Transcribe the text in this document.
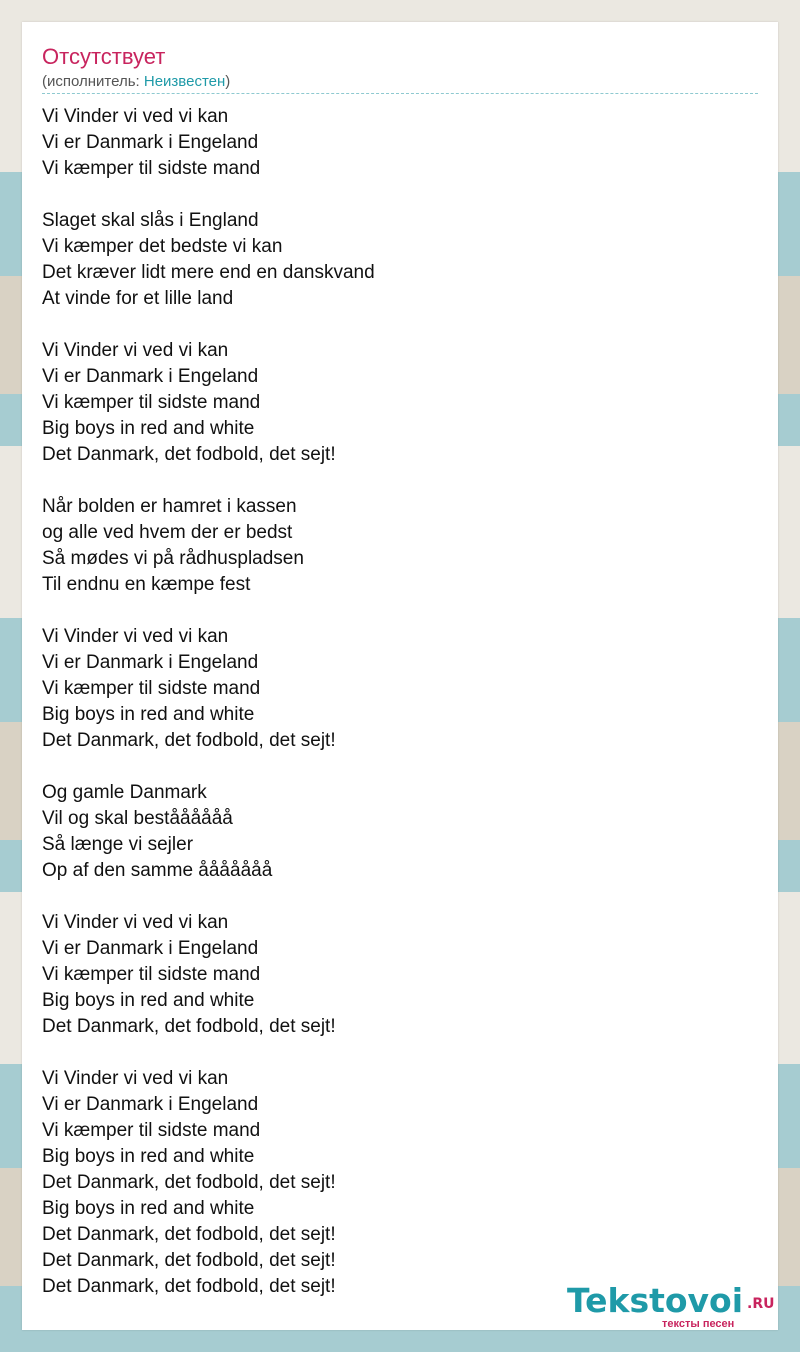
Отсутствует
(исполнитель: Неизвестен)
Vi Vinder vi ved vi kan
Vi er Danmark i Engeland
Vi kæmper til sidste mand
Slaget skal slås i England
Vi kæmper det bedste vi kan
Det kræver lidt mere end en danskvand
At vinde for et lille land
Vi Vinder vi ved vi kan
Vi er Danmark i Engeland
Vi kæmper til sidste mand
Big boys in red and white
Det Danmark, det fodbold, det sejt!
Når bolden er hamret i kassen
og alle ved hvem der er bedst
Så mødes vi på rådhuspladsen
Til endnu en kæmpe fest
Vi Vinder vi ved vi kan
Vi er Danmark i Engeland
Vi kæmper til sidste mand
Big boys in red and white
Det Danmark, det fodbold, det sejt!
Og gamle Danmark
Vil og skal beståååååå
Så længe vi sejler
Op af den samme ååååååå
Vi Vinder vi ved vi kan
Vi er Danmark i Engeland
Vi kæmper til sidste mand
Big boys in red and white
Det Danmark, det fodbold, det sejt!
Vi Vinder vi ved vi kan
Vi er Danmark i Engeland
Vi kæmper til sidste mand
Big boys in red and white
Det Danmark, det fodbold, det sejt!
Big boys in red and white
Det Danmark, det fodbold, det sejt!
Det Danmark, det fodbold, det sejt!
Det Danmark, det fodbold, det sejt!	Tekstovoi .RU
тексты песен
